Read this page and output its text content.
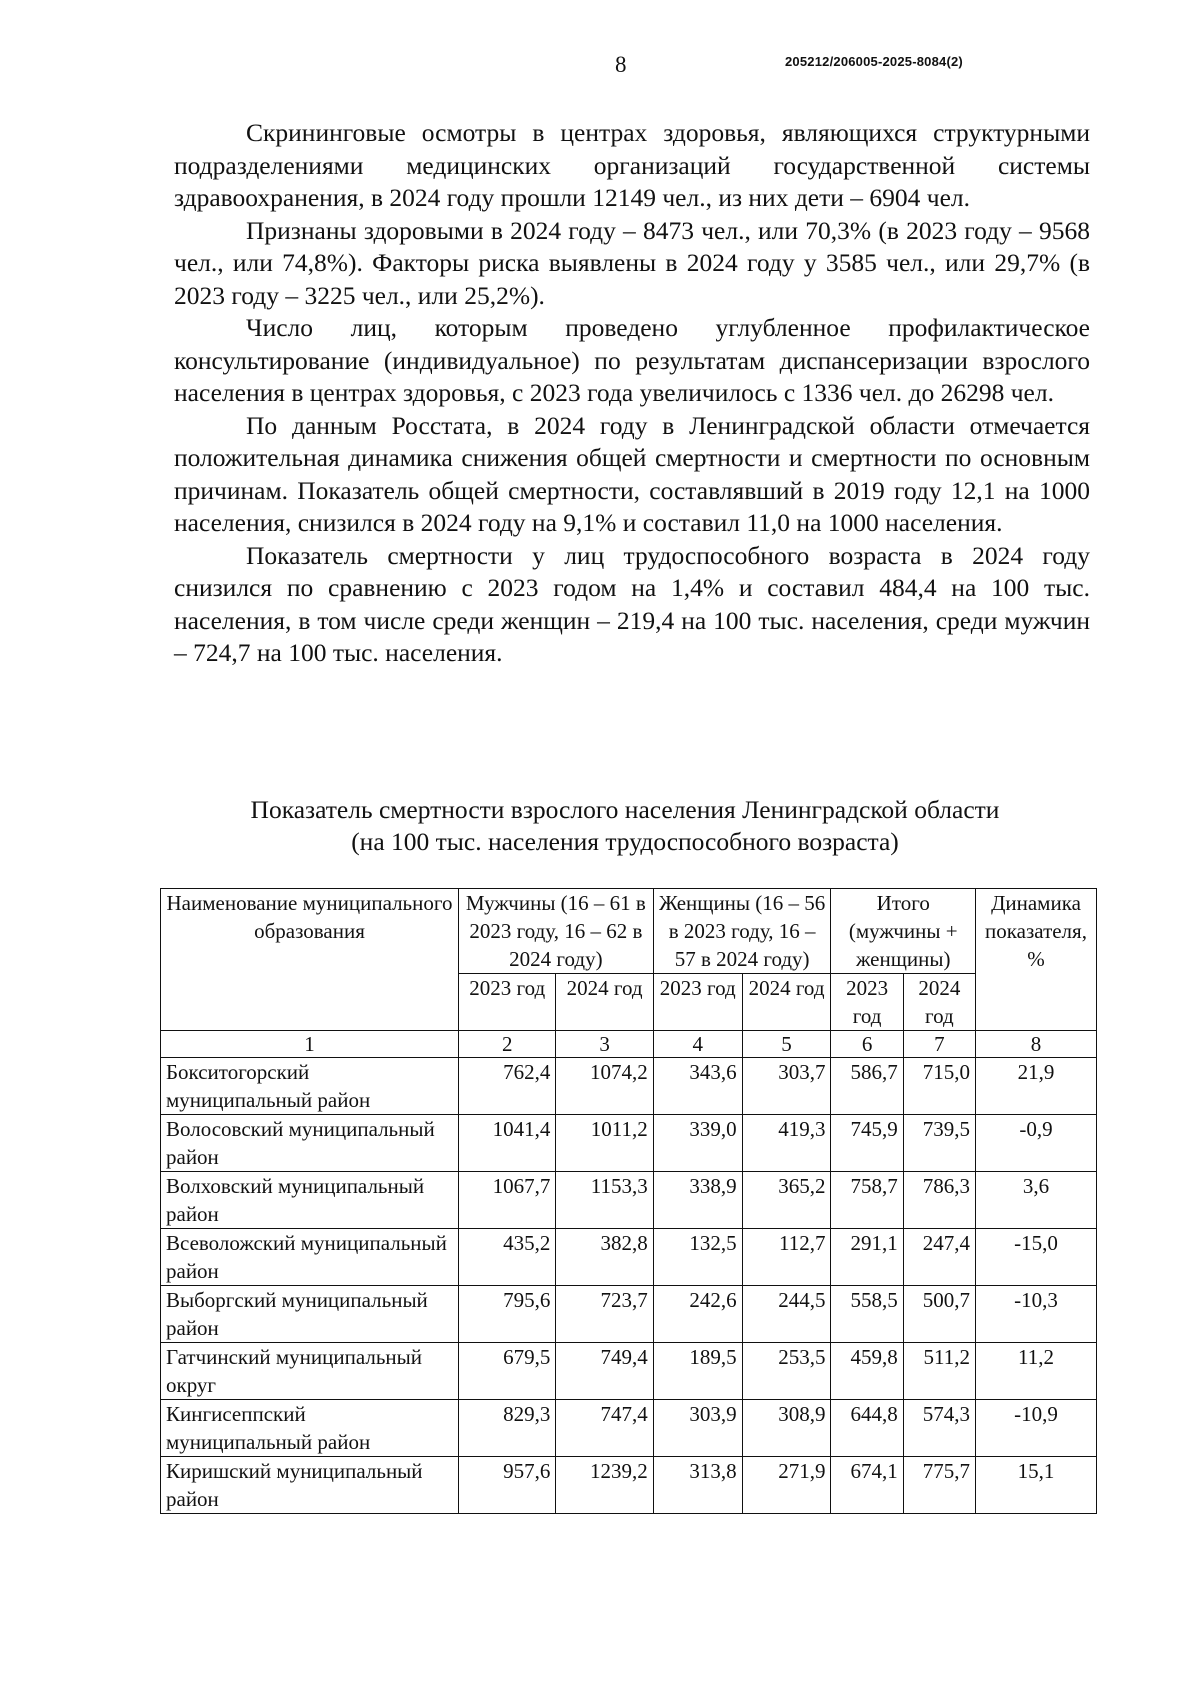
8	205212/206005-2025-8084(2)

Скрининговые осмотры в центрах здоровья, являющихся структурными подразделениями медицинских организаций государственной системы здравоохранения, в 2024 году прошли 12149 чел., из них дети – 6904 чел.

Признаны здоровыми в 2024 году – 8473 чел., или 70,3% (в 2023 году – 9568 чел., или 74,8%). Факторы риска выявлены в 2024 году у 3585 чел., или 29,7% (в 2023 году – 3225 чел., или 25,2%).

Число лиц, которым проведено углубленное профилактическое консультирование (индивидуальное) по результатам диспансеризации взрослого населения в центрах здоровья, с 2023 года увеличилось с 1336 чел. до 26298 чел.

По данным Росстата, в 2024 году в Ленинградской области отмечается положительная динамика снижения общей смертности и смертности по основным причинам. Показатель общей смертности, составлявший в 2019 году 12,1 на 1000 населения, снизился в 2024 году на 9,1% и составил 11,0 на 1000 населения.

Показатель смертности у лиц трудоспособного возраста в 2024 году снизился по сравнению с 2023 годом на 1,4% и составил 484,4 на 100 тыс. населения, в том числе среди женщин – 219,4 на 100 тыс. населения, среди мужчин – 724,7 на 100 тыс. населения.

Показатель смертности взрослого населения Ленинградской области
(на 100 тыс. населения трудоспособного возраста)
Наименование муниципального образования	Мужчины (16 – 61 в 2023 году, 16 – 62 в 2024 году)		Женщины (16 – 56 в 2023 году, 16 – 57 в 2024 году)		Итого (мужчины + женщины)		Динамика показателя, %
	2023 год	2024 год	2023 год	2024 год	2023 год	2024 год	
1	2	3	4	5	6	7	8
Бокситогорский муниципальный район	762,4	1074,2	343,6	303,7	586,7	715,0	21,9
Волосовский муниципальный район	1041,4	1011,2	339,0	419,3	745,9	739,5	-0,9
Волховский муниципальный район	1067,7	1153,3	338,9	365,2	758,7	786,3	3,6
Всеволожский муниципальный район	435,2	382,8	132,5	112,7	291,1	247,4	-15,0
Выборгский муниципальный район	795,6	723,7	242,6	244,5	558,5	500,7	-10,3
Гатчинский муниципальный округ	679,5	749,4	189,5	253,5	459,8	511,2	11,2
Кингисеппский муниципальный район	829,3	747,4	303,9	308,9	644,8	574,3	-10,9
Киришский муниципальный район	957,6	1239,2	313,8	271,9	674,1	775,7	15,1
